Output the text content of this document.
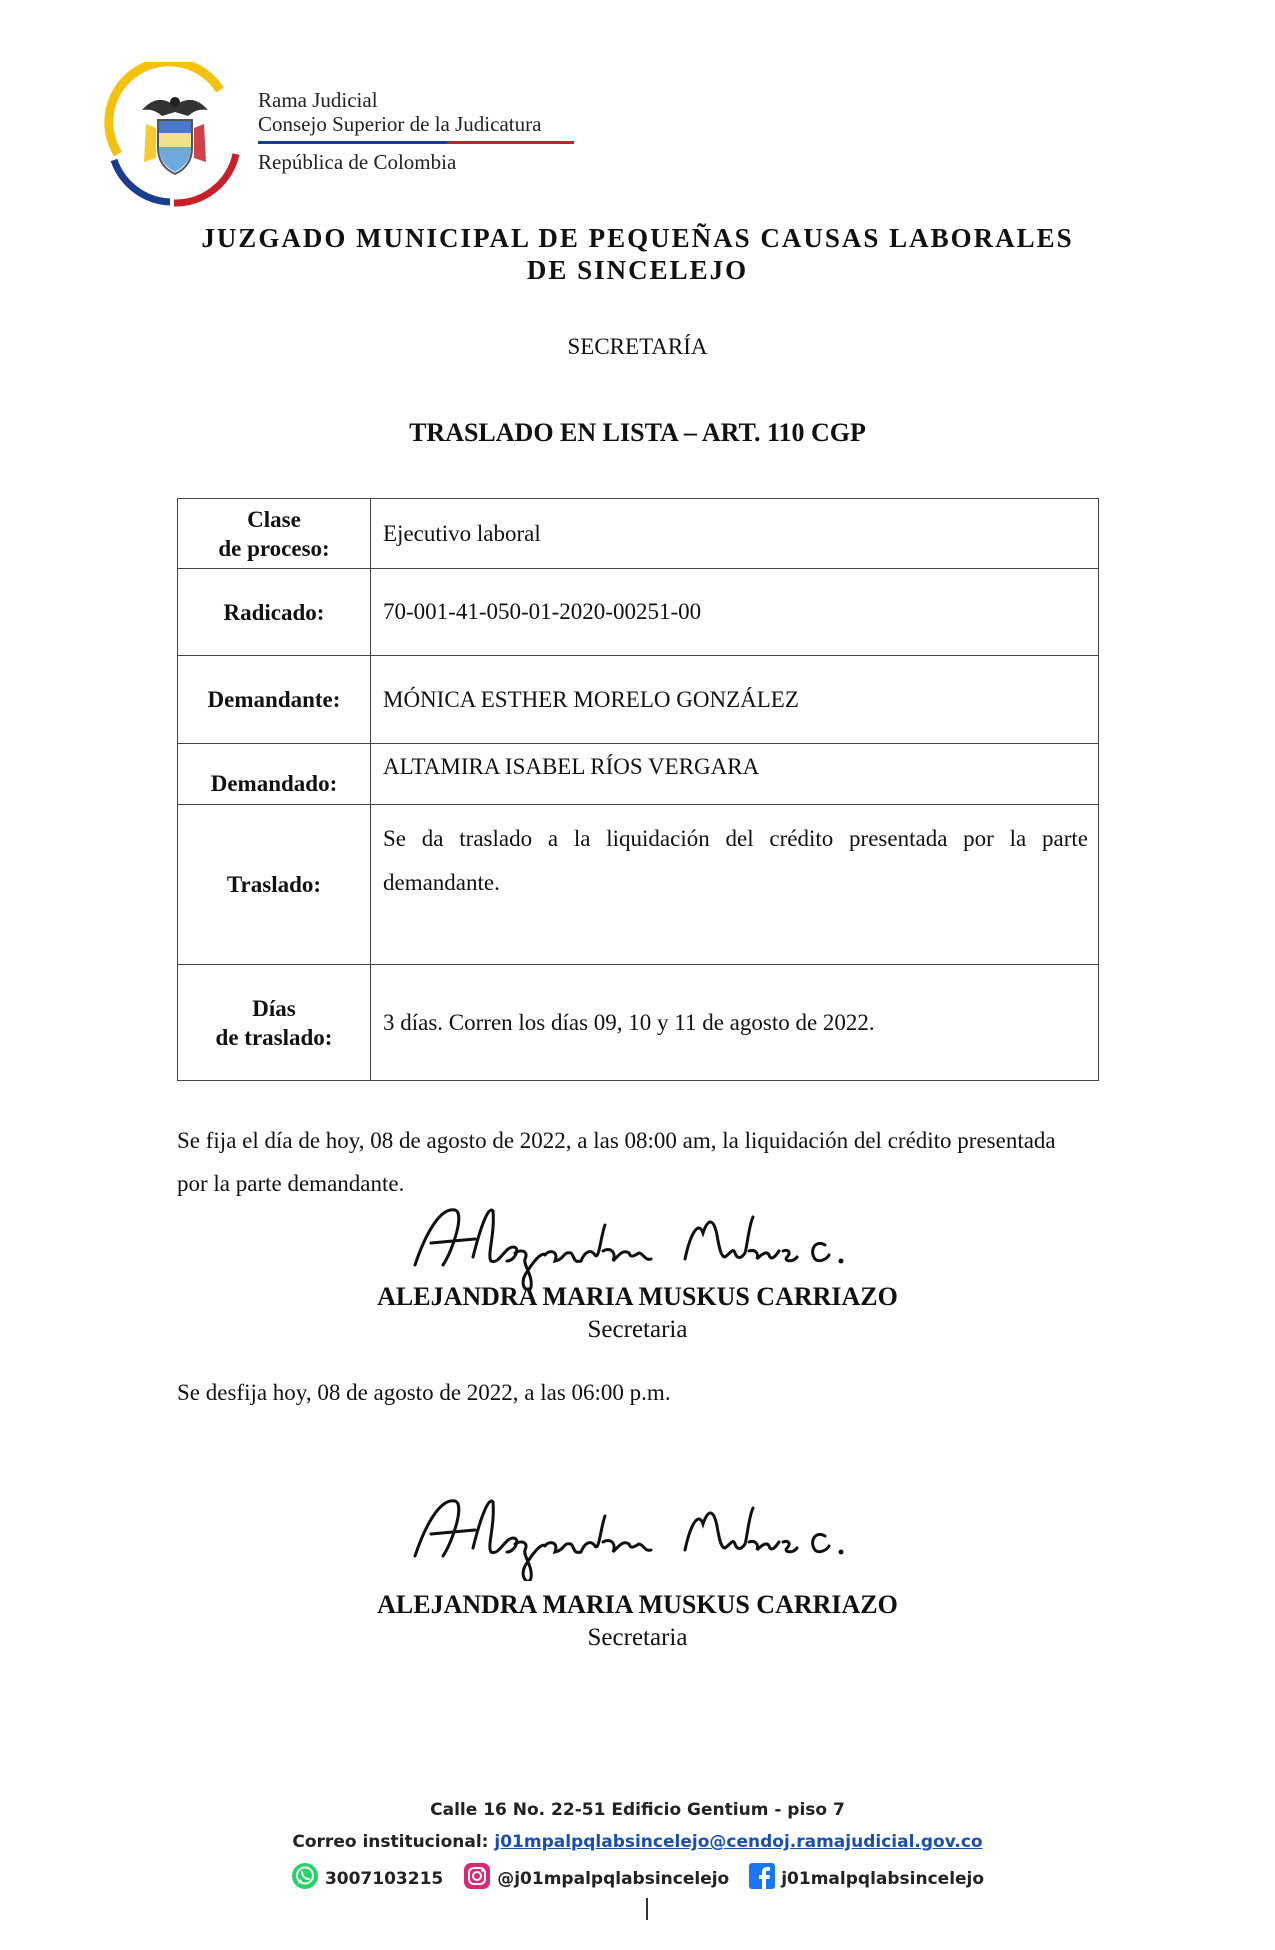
Rama Judicial
Consejo Superior de la Judicatura
República de Colombia
JUZGADO MUNICIPAL DE PEQUEÑAS CAUSAS LABORALES
DE SINCELEJO
SECRETARÍA
TRASLADO EN LISTA – ART. 110 CGP
Clase
de proceso:	Ejecutivo laboral
Radicado:	70-001-41-050-01-2020-00251-00
Demandante:	MÓNICA ESTHER MORELO GONZÁLEZ
Demandado:	ALTAMIRA ISABEL RÍOS VERGARA
Traslado:	Se da traslado a la liquidación del crédito presentada por la parte demandante.

Días
de traslado:	3 días. Corren los días 09, 10 y 11 de agosto de 2022.
Se fija el día de hoy, 08 de agosto de 2022, a las 08:00 am, la liquidación del crédito presentada por la parte demandante.
ALEJANDRA MARIA MUSKUS CARRIAZO
Secretaria
Se desfija hoy, 08 de agosto de 2022, a las 06:00 p.m.
ALEJANDRA MARIA MUSKUS CARRIAZO
Secretaria
Calle 16 No. 22-51 Edificio Gentium - piso 7
Correo institucional: j01mpalpqlabsincelejo@cendoj.ramajudicial.gov.co
3007103215	@j01mpalpqlabsincelejo	j01malpqlabsincelejo
